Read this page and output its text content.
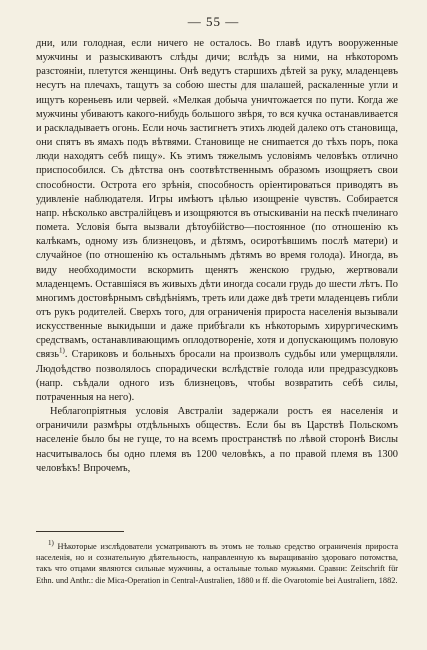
— 55 —

дни, или голодная, если ничего не осталось. Во главѣ идутъ вооруженные мужчины и разыскиваютъ слѣды дичи; вслѣдъ за ними, на нѣкоторомъ разстояніи, плетутся женщины. Онѣ ведутъ старшихъ дѣтей за руку, младенцевъ несутъ на плечахъ, тащутъ за собою шесты для шалашей, раскаленные угли и ищутъ кореньевъ или червей. «Мелкая добыча уничтожается по пути. Когда же мужчины убиваютъ какого-нибудь большого звѣря, то вся кучка останавливается и раскладываетъ огонь. Если ночь застигнетъ этихъ людей далеко отъ становища, они спятъ въ ямахъ подъ вѣтвями. Становище не сниmается до тѣхъ поръ, пока люди находятъ себѣ пищу». Къ этимъ тяжелымъ условіямъ человѣкъ отлично приспособился. Съ дѣтства онъ соотвѣтственнымъ образомъ изощряетъ свои способности. Острота его зрѣнія, способность оріентироваться приводятъ въ удивленіе наблюдателя. Игры имѣютъ цѣлью изощреніе чувствъ. Собирается напр. нѣсколько австралійцевъ и изощряются въ отыскиваніи на пескѣ пчелинаго помета. Условія быта вызвали дѣтоубійство—постоянное (по отношенію къ калѣкамъ, одному изъ близнецовъ, и дѣтямъ, осиротѣвшимъ послѣ матери) и случайное (по отношенію къ остальнымъ дѣтямъ во время голода). Иногда, въ виду необходимости вскормить щенятъ женскою грудью, жертвовали младенцемъ. Оставшіяся въ живыхъ дѣти иногда сосали грудь до шести лѣтъ. По многимъ достовѣрнымъ свѣдѣніямъ, треть или даже двѣ трети младенцевъ гибли отъ рукъ родителей. Сверхъ того, для ограниченія прироста населенія вызывали искусственные выкидыши и даже прибѣгали къ нѣкоторымъ хирургическимъ средствамъ, останавливающимъ оплодотвореніе, хотя и допускающимъ половую связь$^{1)}$. Стариковъ и больныхъ бросали на произволъ судьбы или умерщвляли. Людоѣдство позволялось спорадически вслѣдствіе голода или предразсудковъ (напр. съѣдали одного изъ близнецовъ, чтобы возвратить себѣ силы, потраченныя на него).

Неблагопріятныя условія Австраліи задержали ростъ ея населенія и ограничили размѣры отдѣльныхъ обществъ. Если бы въ Царствѣ Польскомъ населеніе было бы не гуще, то на всемъ пространствѣ по лѣвой сторонѣ Вислы насчитывалось бы одно племя въ 1200 человѣкъ, а по правой племя въ 1300 человѣкъ! Впрочемъ,

$^{1)}$ Нѣкоторые изслѣдователи усматриваютъ въ этомъ не только средство ограниченія прироста населенія, но и сознательную дѣятельность, направленную къ выращиванію здороваго потомства, такъ что отцами являются сильные мужчины, а остальные только мужьями. Сравни: Zeitschrift für Ethn. und Anthr.: die Mica-Operation in Central-Australien, 1880 и ff. die Ovarotomie bei Australiern, 1882.
